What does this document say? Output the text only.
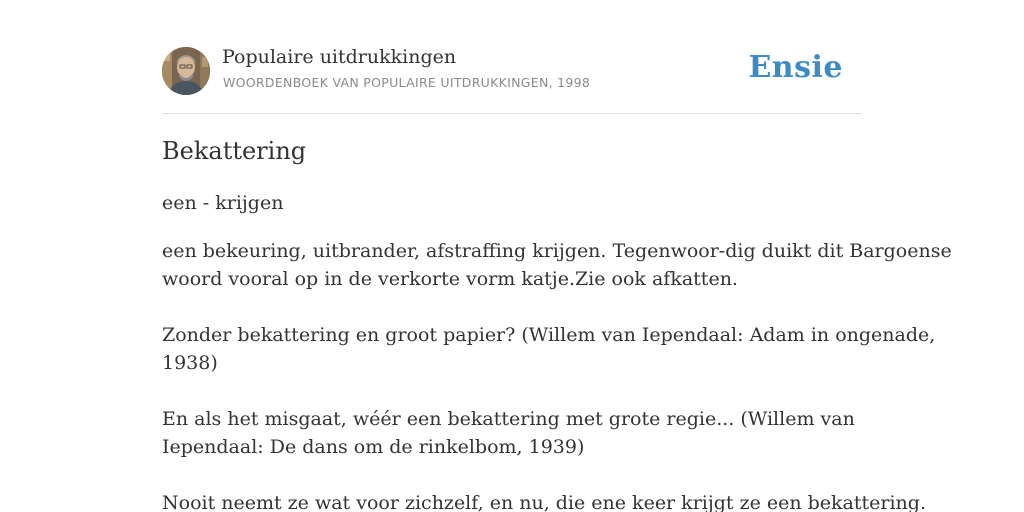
Populaire uitdrukkingen
WOORDENBOEK VAN POPULAIRE UITDRUKKINGEN, 1998	Ensie
Bekattering

een - krijgen

een bekeuring, uitbrander, afstraffing krijgen. Tegenwoor-dig duikt dit Bargoense
woord vooral op in de verkorte vorm katje.Zie ook afkatten.
Zonder bekattering en groot papier? (Willem van Iependaal: Adam in ongenade,
1938)
En als het misgaat, wéér een bekattering met grote regie... (Willem van
Iependaal: De dans om de rinkelbom, 1939)
Nooit neemt ze wat voor zichzelf, en nu, die ene keer krijgt ze een bekattering.
